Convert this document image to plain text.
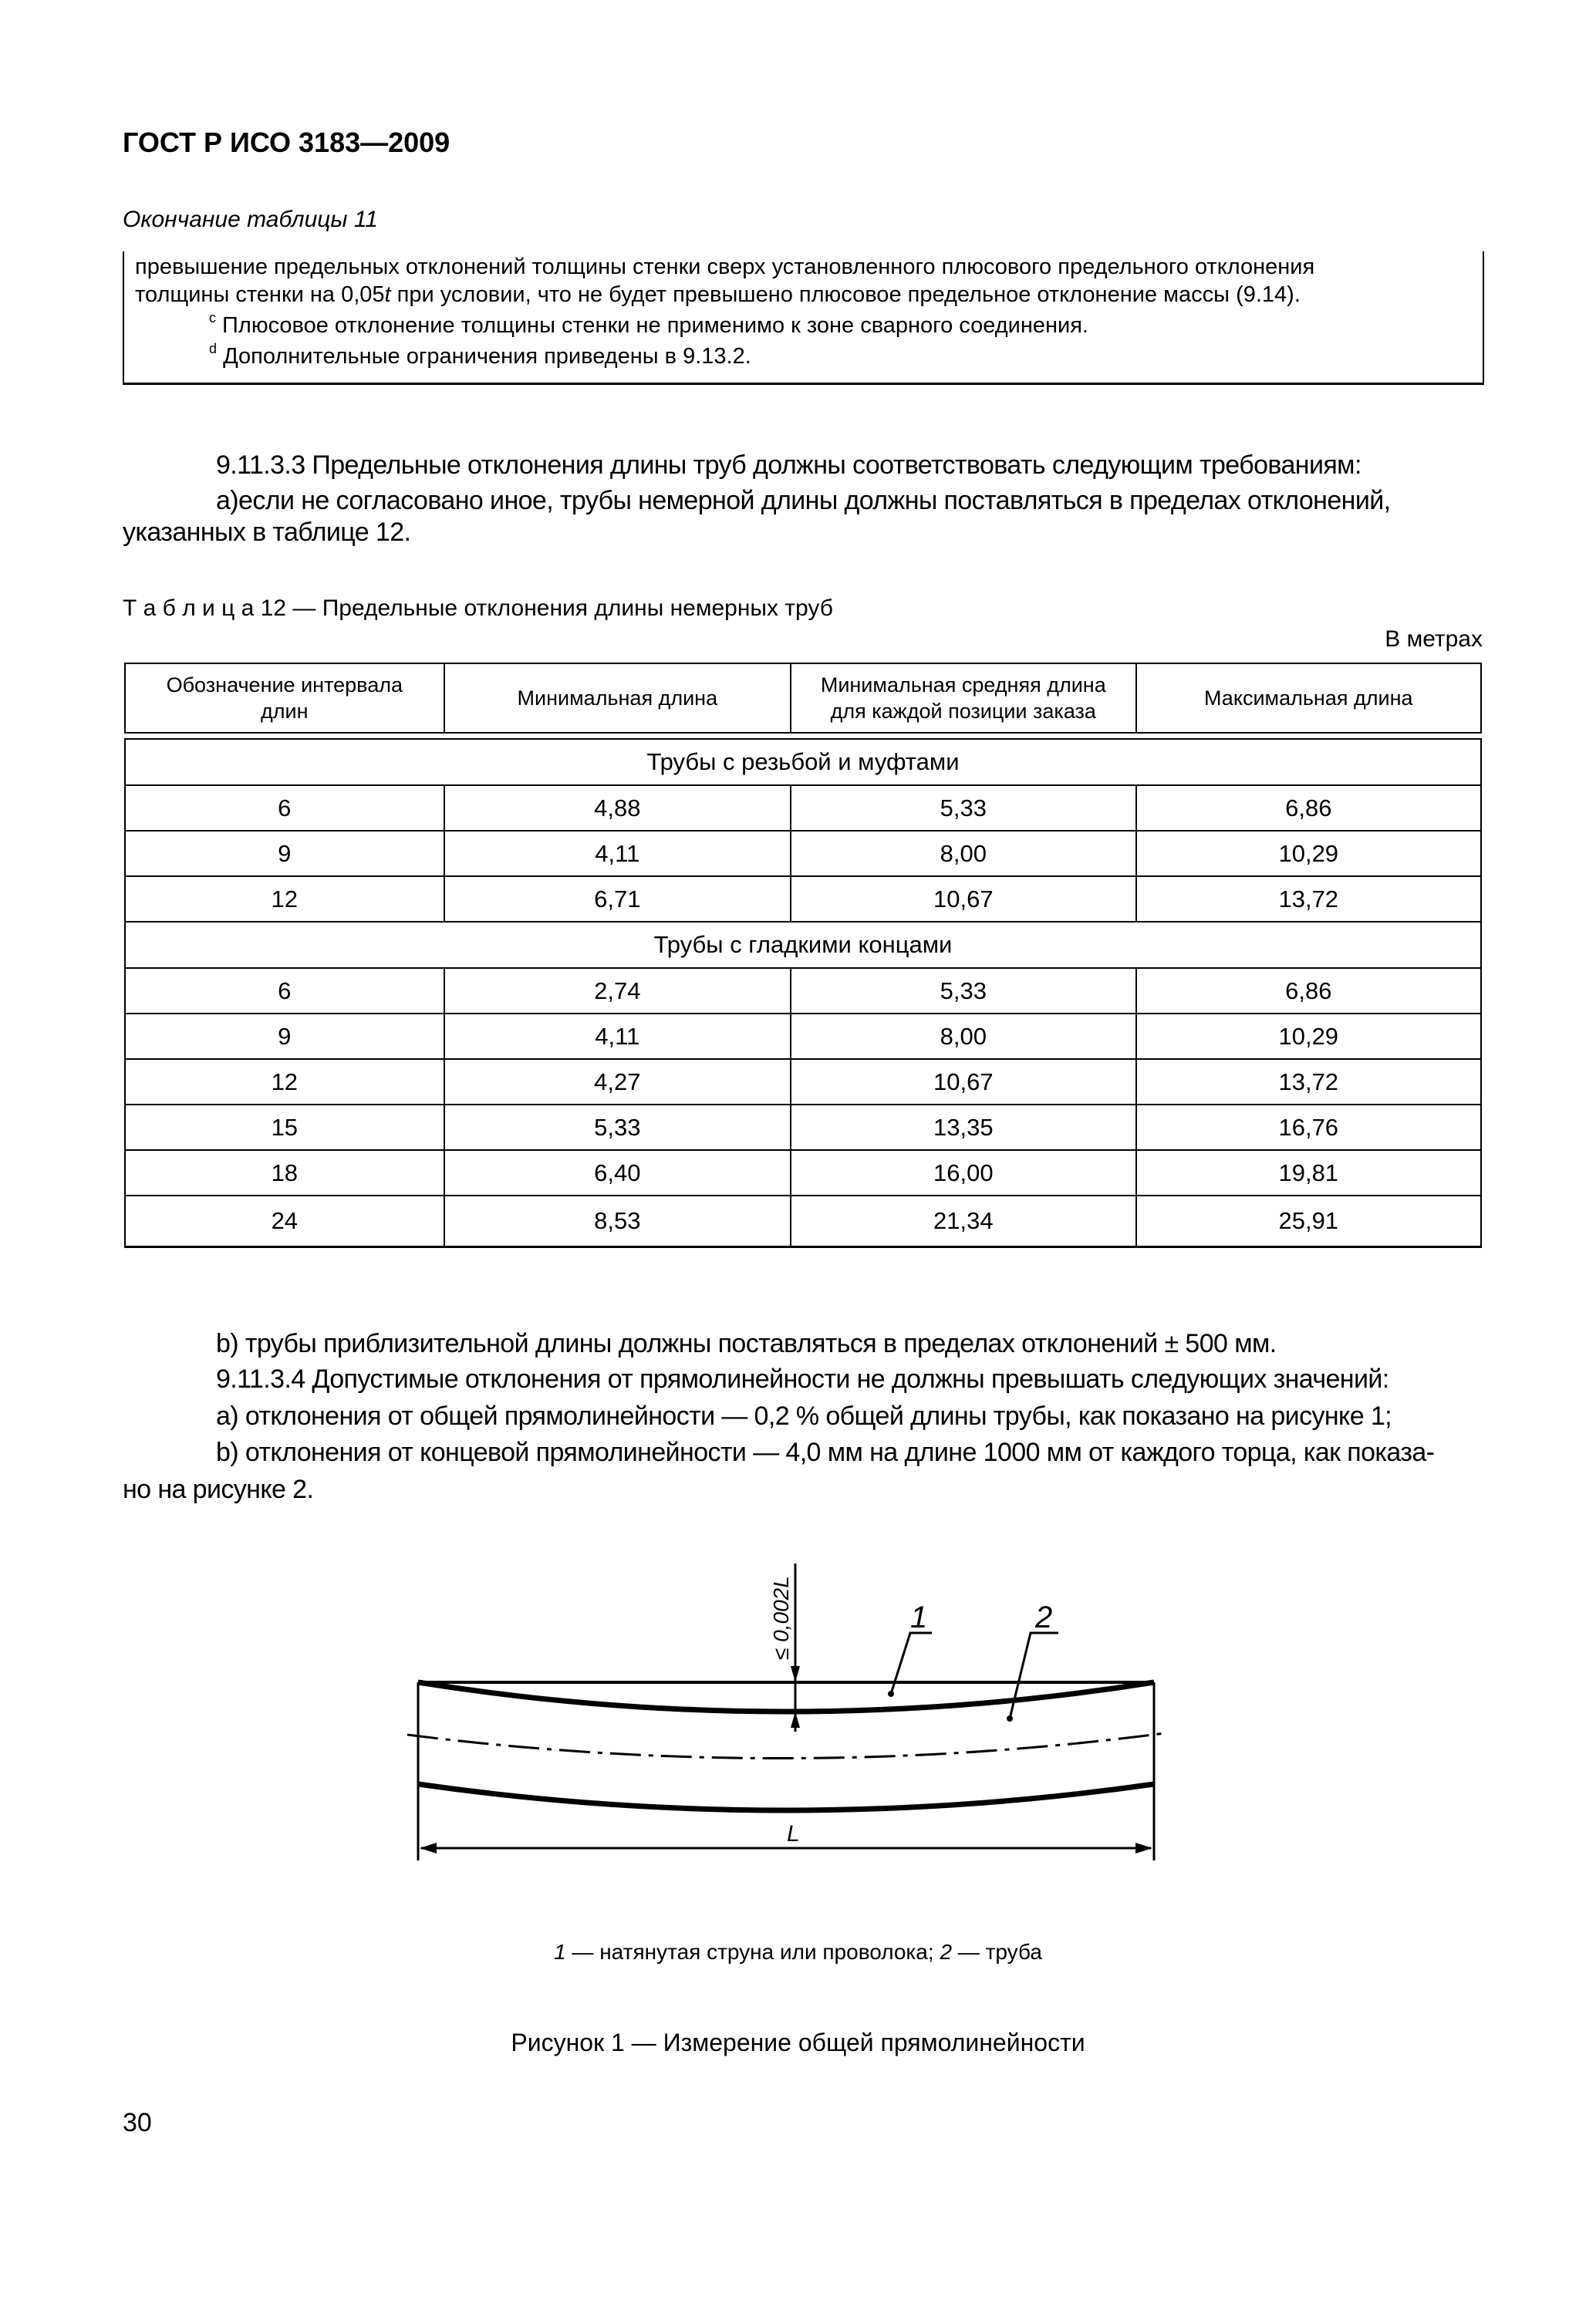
ГОСТ Р ИСО 3183—2009
Окончание таблицы 11
превышение предельных отклонений толщины стенки сверх установленного плюсового предельного отклонения
толщины стенки на 0,05t при условии, что не будет превышено плюсовое предельное отклонение массы (9.14).
$^c$ Плюсовое отклонение толщины стенки не применимо к зоне сварного соединения.
$^d$ Дополнительные ограничения приведены в 9.13.2.
9.11.3.3 Предельные отклонения длины труб должны соответствовать следующим требованиям:
а)если не согласовано иное, трубы немерной длины должны поставляться в пределах отклонений,
указанных в таблице 12.
Т а б л и ц а 12 — Предельные отклонения длины немерных труб
В метрах
Обозначение интервала длин	Минимальная длина	Минимальная средняя длина для каждой позиции заказа	Максимальная длина

Трубы с резьбой и муфтами			
6	4,88	5,33	6,86
9	4,11	8,00	10,29
12	6,71	10,67	13,72
Трубы с гладкими концами			
6	2,74	5,33	6,86
9	4,11	8,00	10,29
12	4,27	10,67	13,72
15	5,33	13,35	16,76
18	6,40	16,00	19,81
24	8,53	21,34	25,91
b) трубы приблизительной длины должны поставляться в пределах отклонений ± 500 мм.
9.11.3.4 Допустимые отклонения от прямолинейности не должны превышать следующих значений:
а) отклонения от общей прямолинейности — 0,2 % общей длины трубы, как показано на рисунке 1;
b) отклонения от концевой прямолинейности — 4,0 мм на длине 1000 мм от каждого торца, как показа-
но на рисунке 2.
≤ 0,002L	1	2
L
1 — натянутая струна или проволока; 2 — труба
Рисунок 1 — Измерение общей прямолинейности
30
